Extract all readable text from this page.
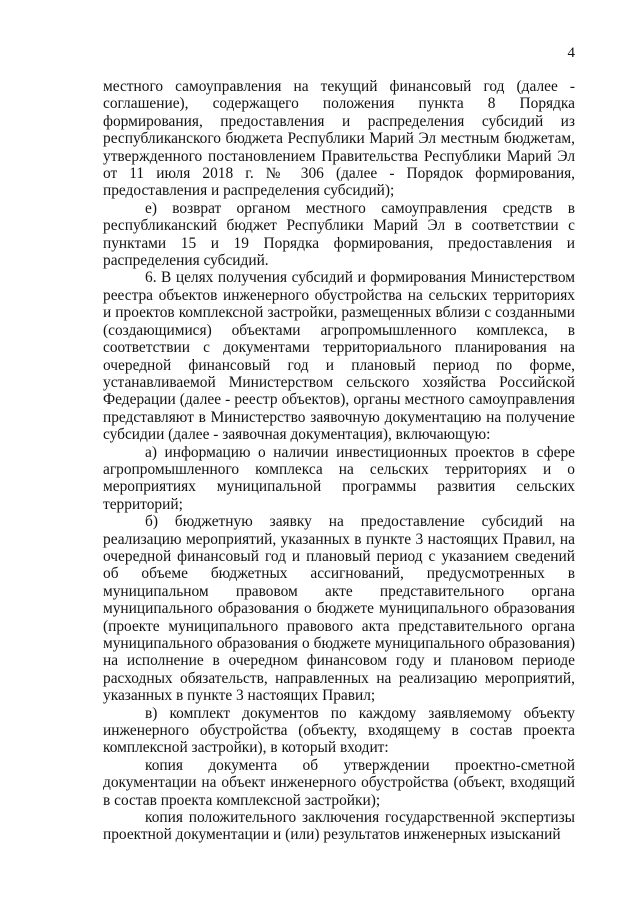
4

местного самоуправления на текущий финансовый год (далее - соглашение), содержащего положения пункта 8 Порядка формирования, предоставления и распределения субсидий из республиканского бюджета Республики Марий Эл местным бюджетам, утвержденного постановлением Правительства Республики Марий Эл от 11 июля 2018 г. № 306 (далее - Порядок формирования, предоставления и распределения субсидий);

е) возврат органом местного самоуправления средств в республиканский бюджет Республики Марий Эл в соответствии с пунктами 15 и 19 Порядка формирования, предоставления и распределения субсидий.

6. В целях получения субсидий и формирования Министерством реестра объектов инженерного обустройства на сельских территориях и проектов комплексной застройки, размещенных вблизи с созданными (создающимися) объектами агропромышленного комплекса, в соответствии с документами территориального планирования на очередной финансовый год и плановый период по форме, устанавливаемой Министерством сельского хозяйства Российской Федерации (далее - реестр объектов), органы местного самоуправления представляют в Министерство заявочную документацию на получение субсидии (далее - заявочная документация), включающую:

а) информацию о наличии инвестиционных проектов в сфере агропромышленного комплекса на сельских территориях и о мероприятиях муниципальной программы развития сельских территорий;

б) бюджетную заявку на предоставление субсидий на реализацию мероприятий, указанных в пункте 3 настоящих Правил, на очередной финансовый год и плановый период с указанием сведений об объеме бюджетных ассигнований, предусмотренных в муниципальном правовом акте представительного органа муниципального образования о бюджете муниципального образования (проекте муниципального правового акта представительного органа муниципального образования о бюджете муниципального образования) на исполнение в очередном финансовом году и плановом периоде расходных обязательств, направленных на реализацию мероприятий, указанных в пункте 3 настоящих Правил;

в) комплект документов по каждому заявляемому объекту инженерного обустройства (объекту, входящему в состав проекта комплексной застройки), в который входит:

копия документа об утверждении проектно-сметной документации на объект инженерного обустройства (объект, входящий в состав проекта комплексной застройки);

копия положительного заключения государственной экспертизы проектной документации и (или) результатов инженерных изысканий
